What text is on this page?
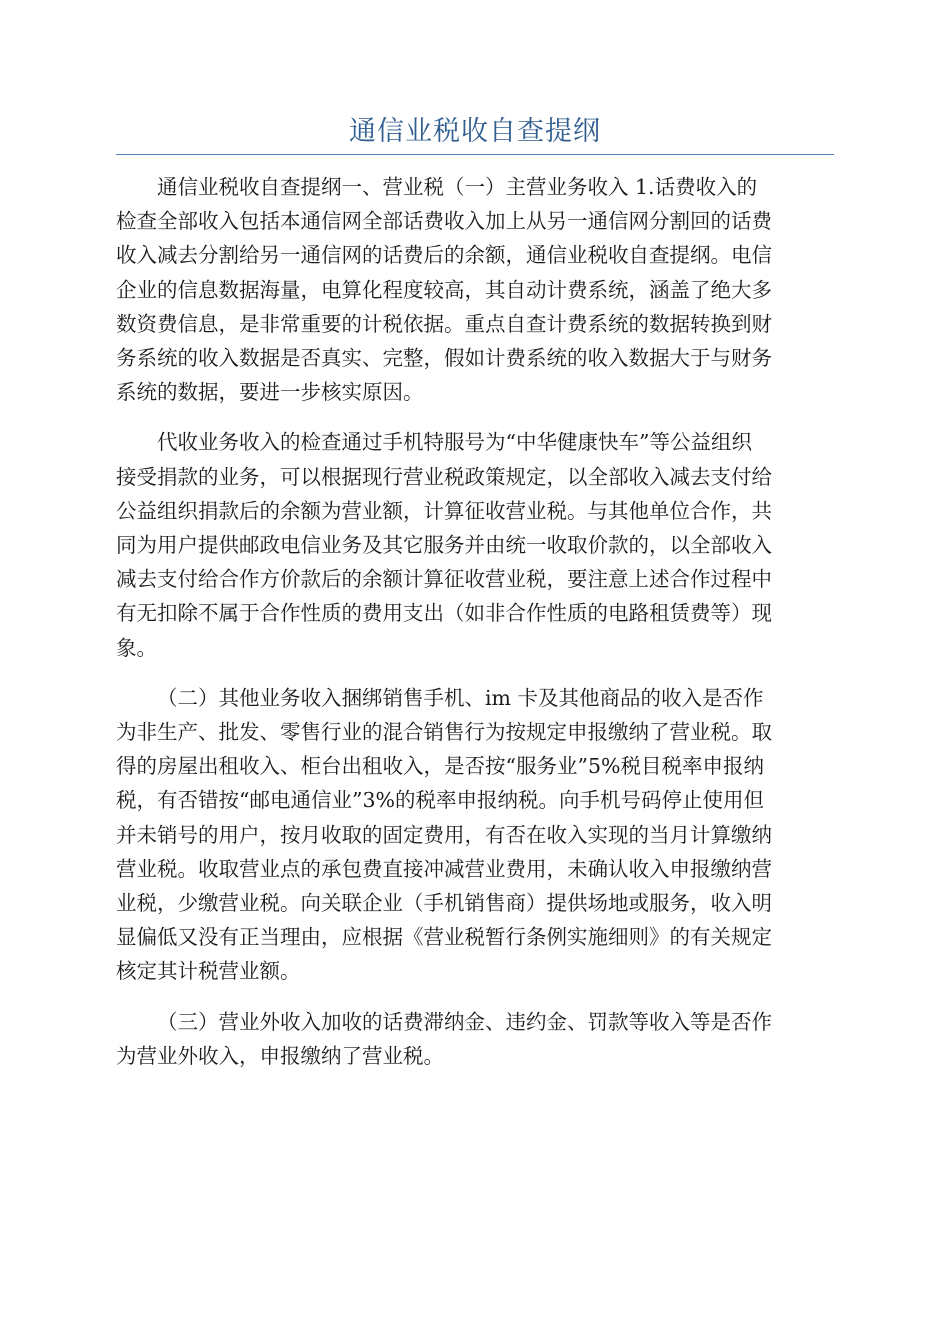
通信业税收自查提纲

通信业税收自查提纲一、营业税（一）主营业务收入 1.话费收入的
检查全部收入包括本通信网全部话费收入加上从另一通信网分割回的话费
收入减去分割给另一通信网的话费后的余额，通信业税收自查提纲。电信
企业的信息数据海量，电算化程度较高，其自动计费系统，涵盖了绝大多
数资费信息，是非常重要的计税依据。重点自查计费系统的数据转换到财
务系统的收入数据是否真实、完整，假如计费系统的收入数据大于与财务
系统的数据，要进一步核实原因。

代收业务收入的检查通过手机特服号为“中华健康快车”等公益组织
接受捐款的业务，可以根据现行营业税政策规定，以全部收入减去支付给
公益组织捐款后的余额为营业额，计算征收营业税。与其他单位合作，共
同为用户提供邮政电信业务及其它服务并由统一收取价款的，以全部收入
减去支付给合作方价款后的余额计算征收营业税，要注意上述合作过程中
有无扣除不属于合作性质的费用支出（如非合作性质的电路租赁费等）现
象。

（二）其他业务收入捆绑销售手机、im 卡及其他商品的收入是否作
为非生产、批发、零售行业的混合销售行为按规定申报缴纳了营业税。取
得的房屋出租收入、柜台出租收入，是否按“服务业”5%税目税率申报纳
税，有否错按“邮电通信业”3%的税率申报纳税。向手机号码停止使用但
并未销号的用户，按月收取的固定费用，有否在收入实现的当月计算缴纳
营业税。收取营业点的承包费直接冲减营业费用，未确认收入申报缴纳营
业税，少缴营业税。向关联企业（手机销售商）提供场地或服务，收入明
显偏低又没有正当理由，应根据《营业税暂行条例实施细则》的有关规定
核定其计税营业额。

（三）营业外收入加收的话费滞纳金、违约金、罚款等收入等是否作
为营业外收入，申报缴纳了营业税。
